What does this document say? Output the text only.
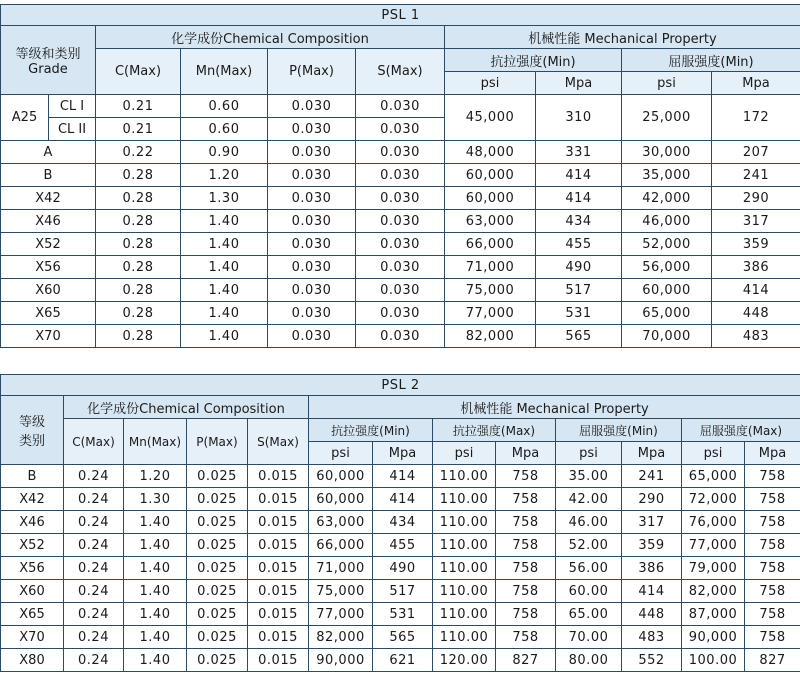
PSL 1									

等级和类别
Grade		化学成份Chemical Composition				机械性能 Mechanical Property			
		C(Max)	Mn(Max)	P(Max)	S(Max)	抗拉强度(Min)		屈服强度(Min)	
						psi	Mpa	psi	Mpa
A25	CL I	0.21	0.60	0.030	0.030	45,000	310	25,000	172
	CL II	0.21	0.60	0.030	0.030				
A		0.22	0.90	0.030	0.030	48,000	331	30,000	207
B		0.28	1.20	0.030	0.030	60,000	414	35,000	241
X42		0.28	1.30	0.030	0.030	60,000	414	42,000	290
X46		0.28	1.40	0.030	0.030	63,000	434	46,000	317
X52		0.28	1.40	0.030	0.030	66,000	455	52,000	359
X56		0.28	1.40	0.030	0.030	71,000	490	56,000	386
X60		0.28	1.40	0.030	0.030	75,000	517	60,000	414
X65		0.28	1.40	0.030	0.030	77,000	531	65,000	448
X70		0.28	1.40	0.030	0.030	82,000	565	70,000	483
PSL 2												

等级
类别	化学成份Chemical Composition				机械性能 Mechanical Property							
	C(Max)	Mn(Max)	P(Max)	S(Max)	抗拉强度(Min)		抗拉强度(Max)		屈服强度(Min)		屈服强度(Max)	
					psi	Mpa	psi	Mpa	psi	Mpa	psi	Mpa
B	0.24	1.20	0.025	0.015	60,000	414	110.00	758	35.00	241	65,000	758
X42	0.24	1.30	0.025	0.015	60,000	414	110.00	758	42.00	290	72,000	758
X46	0.24	1.40	0.025	0.015	63,000	434	110.00	758	46.00	317	76,000	758
X52	0.24	1.40	0.025	0.015	66,000	455	110.00	758	52.00	359	77,000	758
X56	0.24	1.40	0.025	0.015	71,000	490	110.00	758	56.00	386	79,000	758
X60	0.24	1.40	0.025	0.015	75,000	517	110.00	758	60.00	414	82,000	758
X65	0.24	1.40	0.025	0.015	77,000	531	110.00	758	65.00	448	87,000	758
X70	0.24	1.40	0.025	0.015	82,000	565	110.00	758	70.00	483	90,000	758
X80	0.24	1.40	0.025	0.015	90,000	621	120.00	827	80.00	552	100.00	827
